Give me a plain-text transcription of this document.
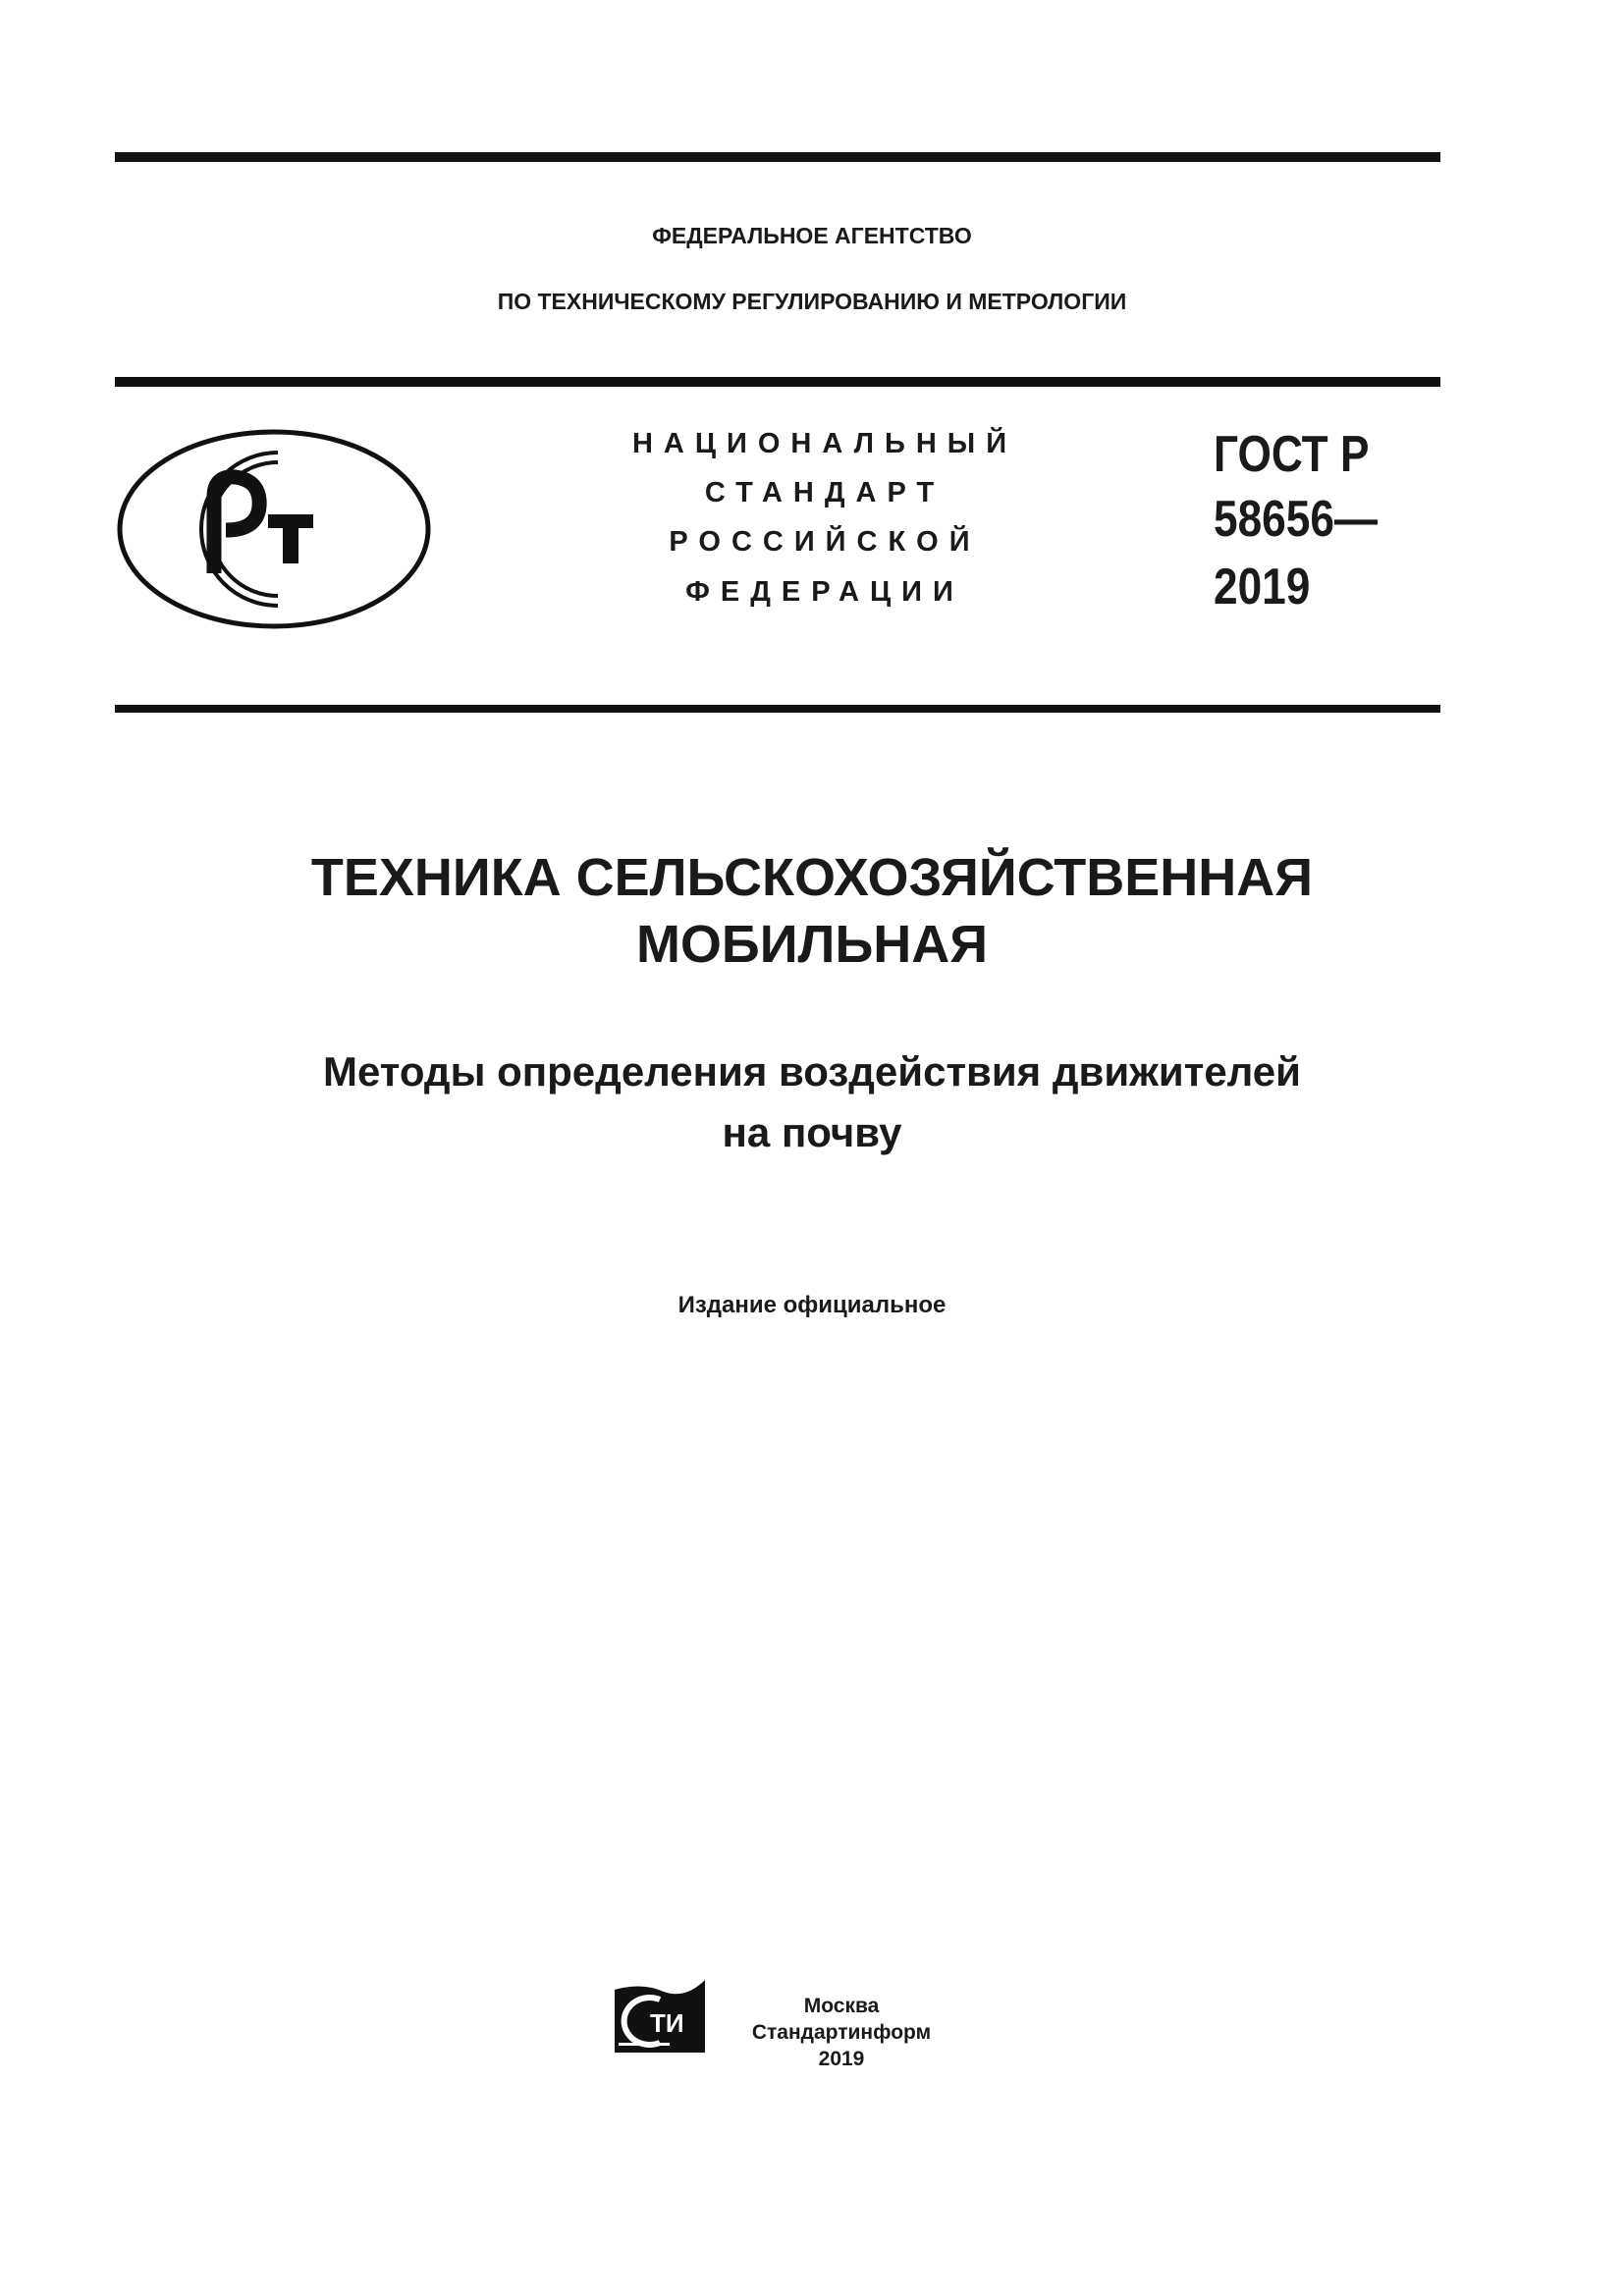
ФЕДЕРАЛЬНОЕ АГЕНТСТВО
ПО ТЕХНИЧЕСКОМУ РЕГУЛИРОВАНИЮ И МЕТРОЛОГИИ
НАЦИОНАЛЬНЫЙ
СТАНДАРТ
РОССИЙСКОЙ
ФЕДЕРАЦИИ
ГОСТ Р
58656—
2019
ТЕХНИКА СЕЛЬСКОХОЗЯЙСТВЕННАЯ
МОБИЛЬНАЯ
Методы определения воздействия движителей
на почву
Издание официальное
ТИ
Москва
Стандартинформ
2019
